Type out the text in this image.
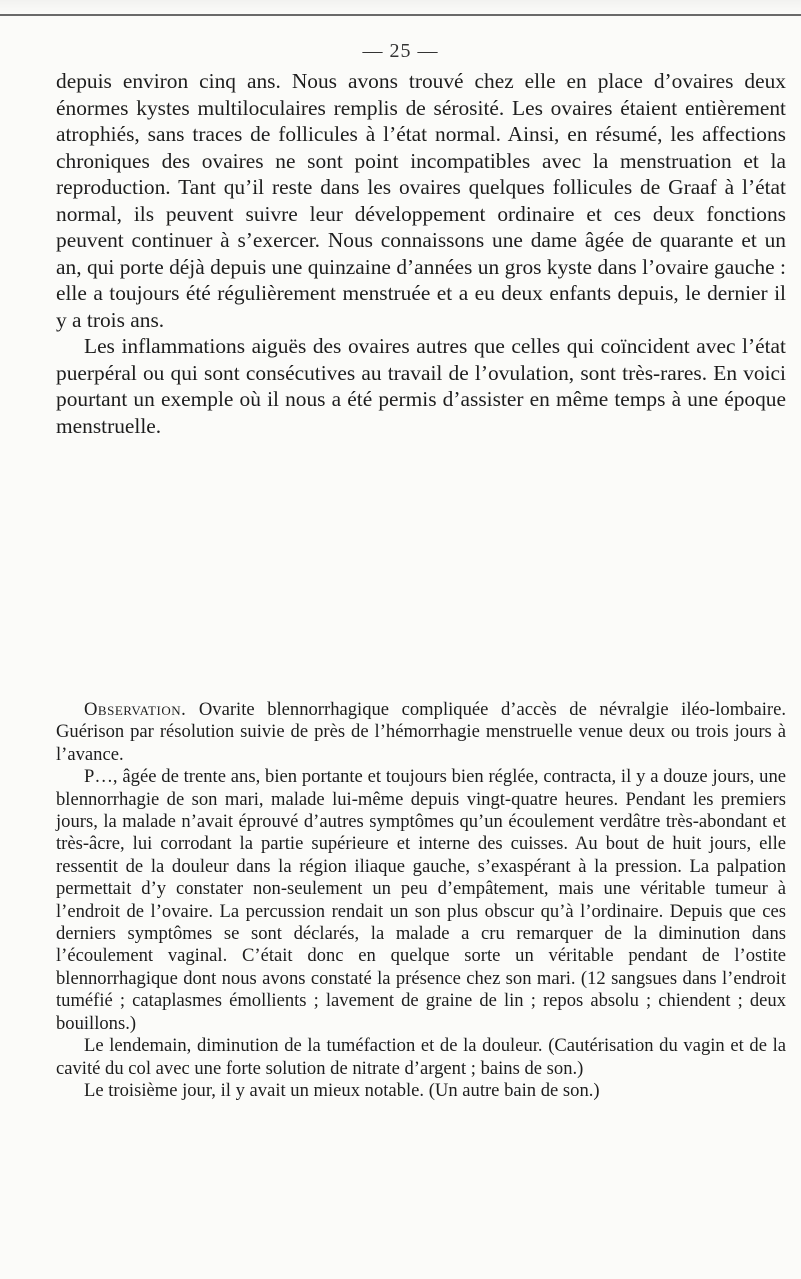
— 25 —

depuis environ cinq ans. Nous avons trouvé chez elle en place d’ovaires deux énormes kystes multiloculaires remplis de sérosité. Les ovaires étaient entièrement atrophiés, sans traces de follicules à l’état normal. Ainsi, en résumé, les affections chroniques des ovaires ne sont point incompatibles avec la menstruation et la reproduction. Tant qu’il reste dans les ovaires quelques follicules de Graaf à l’état normal, ils peuvent suivre leur développement ordinaire et ces deux fonctions peuvent continuer à s’exercer. Nous connaissons une dame âgée de quarante et un an, qui porte déjà depuis une quinzaine d’années un gros kyste dans l’ovaire gauche : elle a toujours été régulièrement menstruée et a eu deux enfants depuis, le dernier il y a trois ans.

Les inflammations aiguës des ovaires autres que celles qui coïncident avec l’état puerpéral ou qui sont consécutives au travail de l’ovulation, sont très-rares. En voici pourtant un exemple où il nous a été permis d’assister en même temps à une époque menstruelle.

Observation. Ovarite blennorrhagique compliquée d’accès de névralgie iléo-lombaire. Guérison par résolution suivie de près de l’hémorrhagie menstruelle venue deux ou trois jours à l’avance.

P…, âgée de trente ans, bien portante et toujours bien réglée, contracta, il y a douze jours, une blennorrhagie de son mari, malade lui-même depuis vingt-quatre heures. Pendant les premiers jours, la malade n’avait éprouvé d’autres symptômes qu’un écoulement verdâtre très-abondant et très-âcre, lui corrodant la partie supérieure et interne des cuisses. Au bout de huit jours, elle ressentit de la douleur dans la région iliaque gauche, s’exaspérant à la pression. La palpation permettait d’y constater non-seulement un peu d’empâtement, mais une véritable tumeur à l’endroit de l’ovaire. La percussion rendait un son plus obscur qu’à l’ordinaire. Depuis que ces derniers symptômes se sont déclarés, la malade a cru remarquer de la diminution dans l’écoulement vaginal. C’était donc en quelque sorte un véritable pendant de l’ostite blennorrhagique dont nous avons constaté la présence chez son mari. (12 sangsues dans l’endroit tuméfié ; cataplasmes émollients ; lavement de graine de lin ; repos absolu ; chiendent ; deux bouillons.)

Le lendemain, diminution de la tuméfaction et de la douleur. (Cautérisation du vagin et de la cavité du col avec une forte solution de nitrate d’argent ; bains de son.)

Le troisième jour, il y avait un mieux notable. (Un autre bain de son.)
